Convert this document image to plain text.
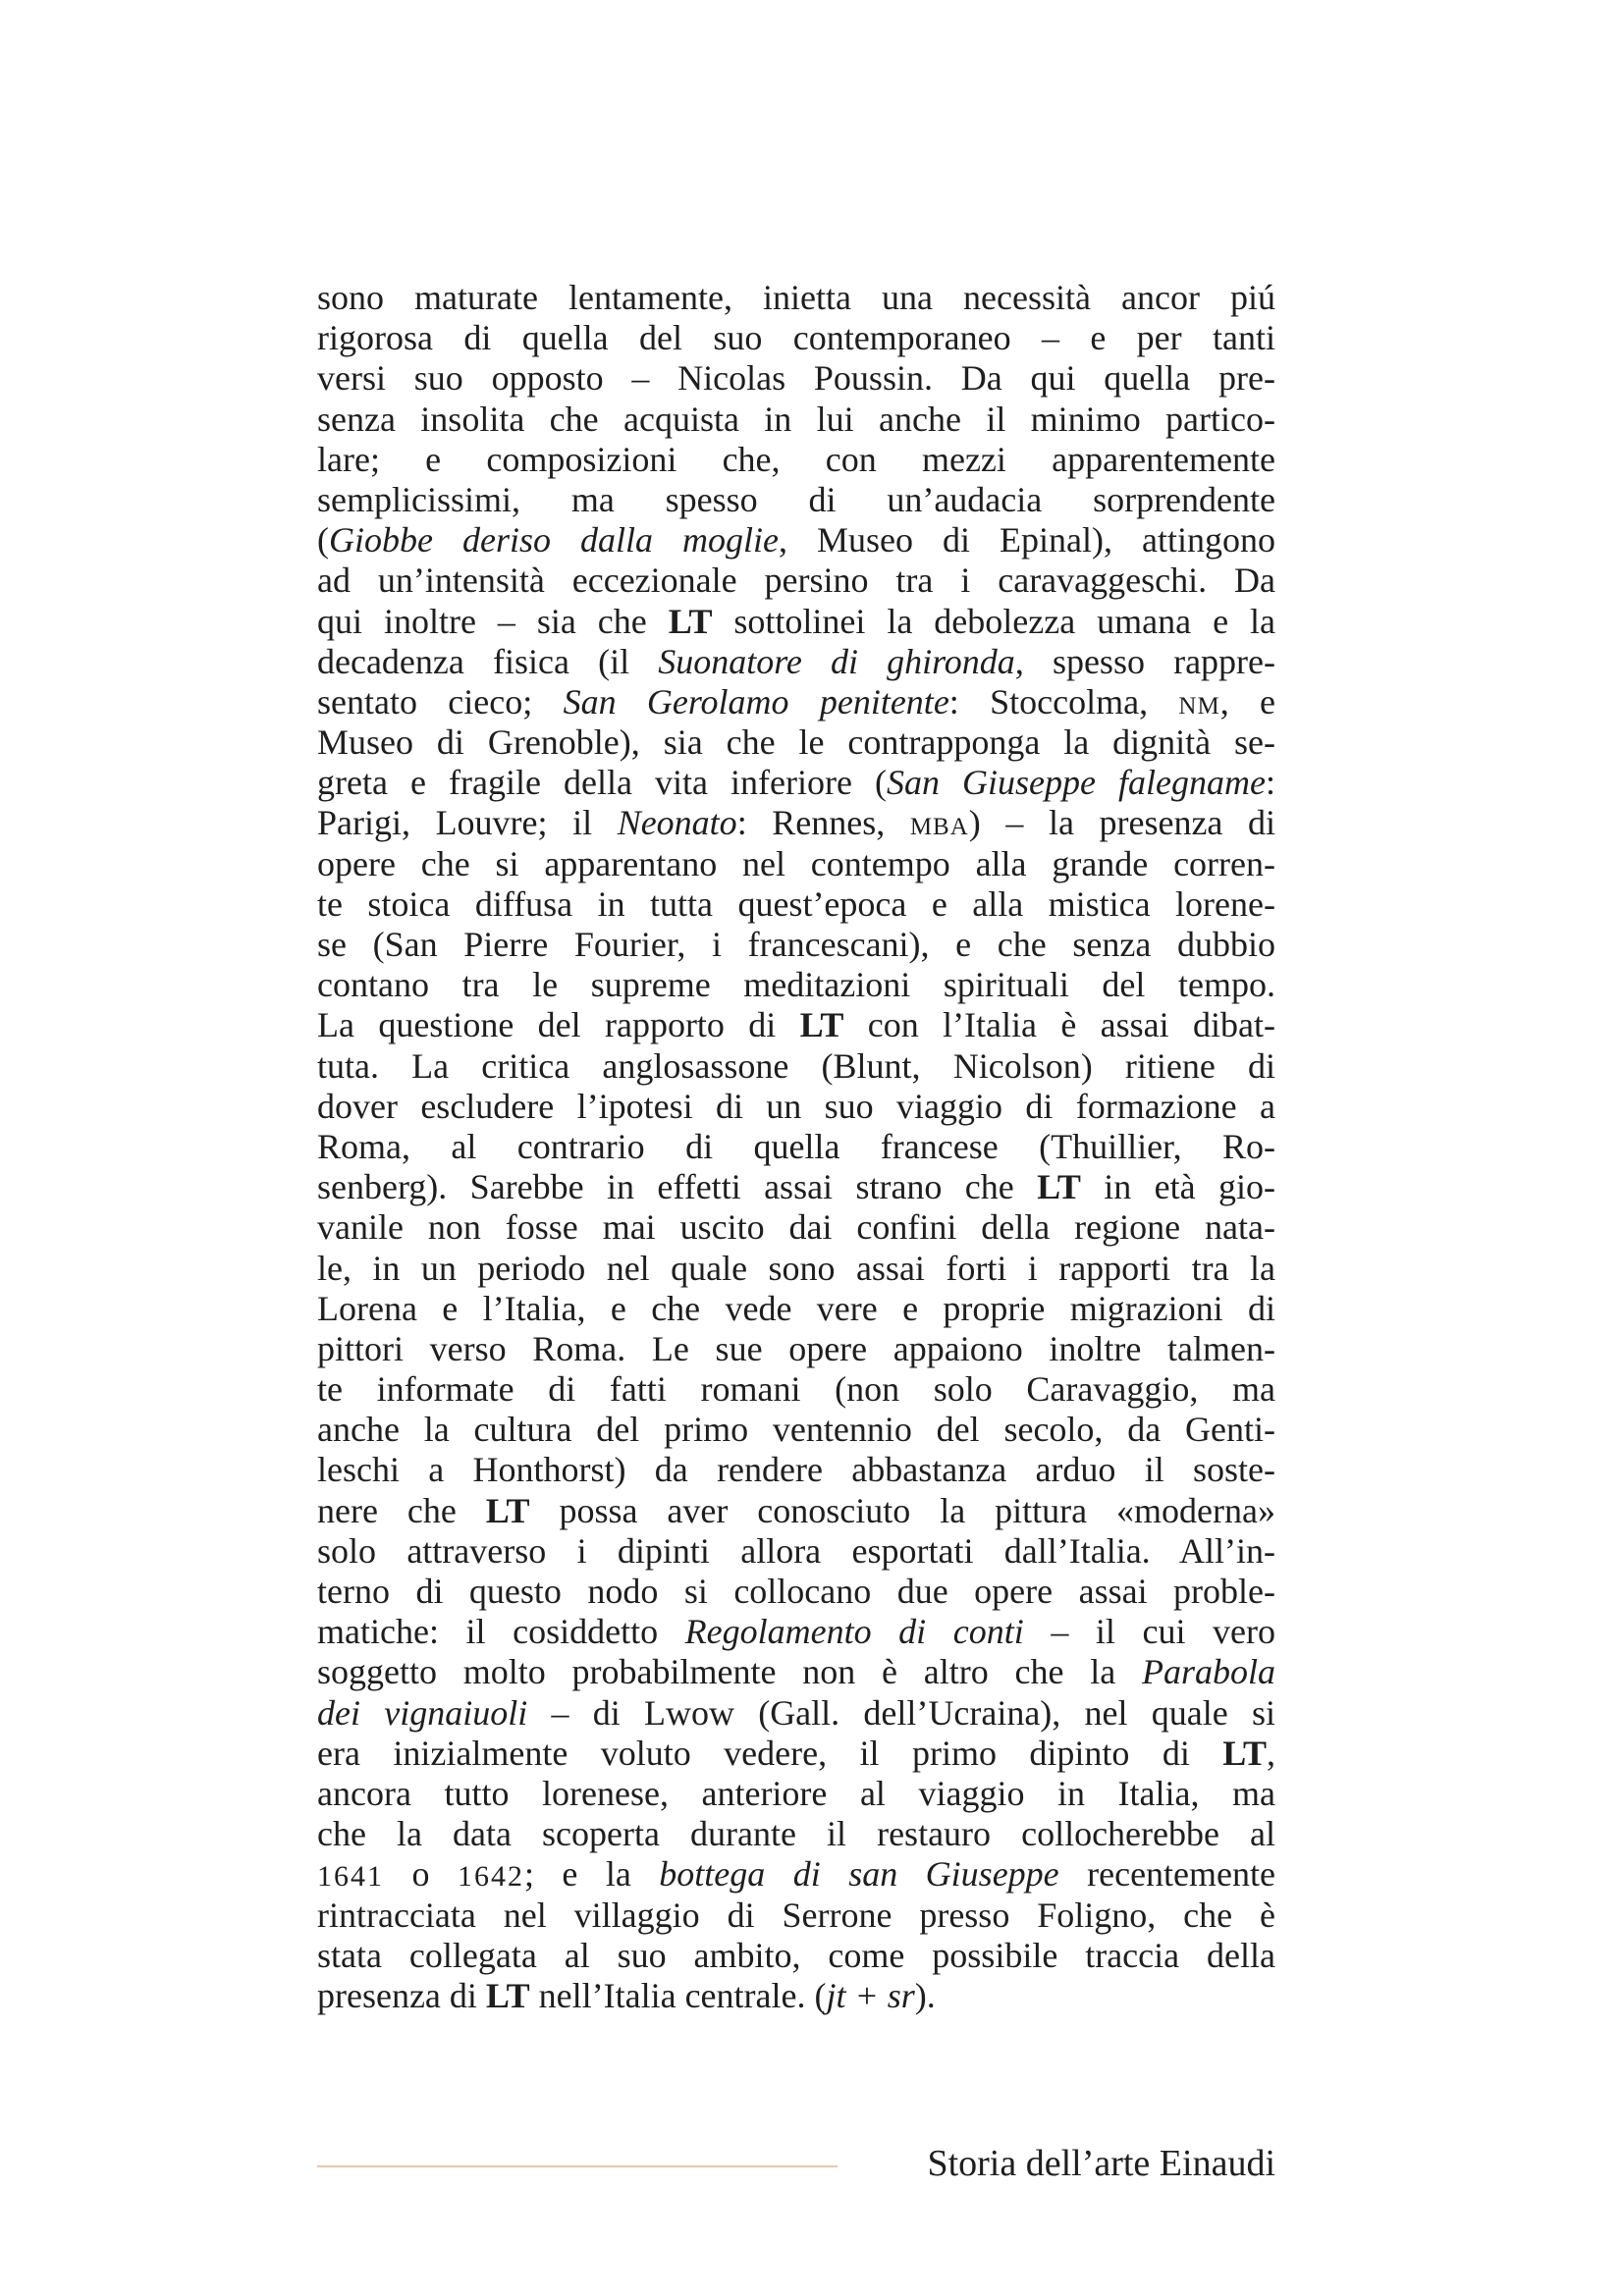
sono maturate lentamente, inietta una necessità ancor piú
rigorosa di quella del suo contemporaneo – e per tanti
versi suo opposto – Nicolas Poussin. Da qui quella pre-
senza insolita che acquista in lui anche il minimo partico-
lare; e composizioni che, con mezzi apparentemente
semplicissimi, ma spesso di un’audacia sorprendente
(Giobbe deriso dalla moglie, Museo di Epinal), attingono
ad un’intensità eccezionale persino tra i caravaggeschi. Da
qui inoltre – sia che LT sottolinei la debolezza umana e la
decadenza fisica (il Suonatore di ghironda, spesso rappre-
sentato cieco; San Gerolamo penitente: Stoccolma, NM, e
Museo di Grenoble), sia che le contrapponga la dignità se-
greta e fragile della vita inferiore (San Giuseppe falegname:
Parigi, Louvre; il Neonato: Rennes, MBA) – la presenza di
opere che si apparentano nel contempo alla grande corren-
te stoica diffusa in tutta quest’epoca e alla mistica lorene-
se (San Pierre Fourier, i francescani), e che senza dubbio
contano tra le supreme meditazioni spirituali del tempo.
La questione del rapporto di LT con l’Italia è assai dibat-
tuta. La critica anglosassone (Blunt, Nicolson) ritiene di
dover escludere l’ipotesi di un suo viaggio di formazione a
Roma, al contrario di quella francese (Thuillier, Ro-
senberg). Sarebbe in effetti assai strano che LT in età gio-
vanile non fosse mai uscito dai confini della regione nata-
le, in un periodo nel quale sono assai forti i rapporti tra la
Lorena e l’Italia, e che vede vere e proprie migrazioni di
pittori verso Roma. Le sue opere appaiono inoltre talmen-
te informate di fatti romani (non solo Caravaggio, ma
anche la cultura del primo ventennio del secolo, da Genti-
leschi a Honthorst) da rendere abbastanza arduo il soste-
nere che LT possa aver conosciuto la pittura «moderna»
solo attraverso i dipinti allora esportati dall’Italia. All’in-
terno di questo nodo si collocano due opere assai proble-
matiche: il cosiddetto Regolamento di conti – il cui vero
soggetto molto probabilmente non è altro che la Parabola
dei vignaiuoli – di Lwow (Gall. dell’Ucraina), nel quale si
era inizialmente voluto vedere, il primo dipinto di LT,
ancora tutto lorenese, anteriore al viaggio in Italia, ma
che la data scoperta durante il restauro collocherebbe al
1641 o 1642; e la bottega di san Giuseppe recentemente
rintracciata nel villaggio di Serrone presso Foligno, che è
stata collegata al suo ambito, come possibile traccia della
presenza di LT nell’Italia centrale. (jt + sr).
Storia dell’arte Einaudi
